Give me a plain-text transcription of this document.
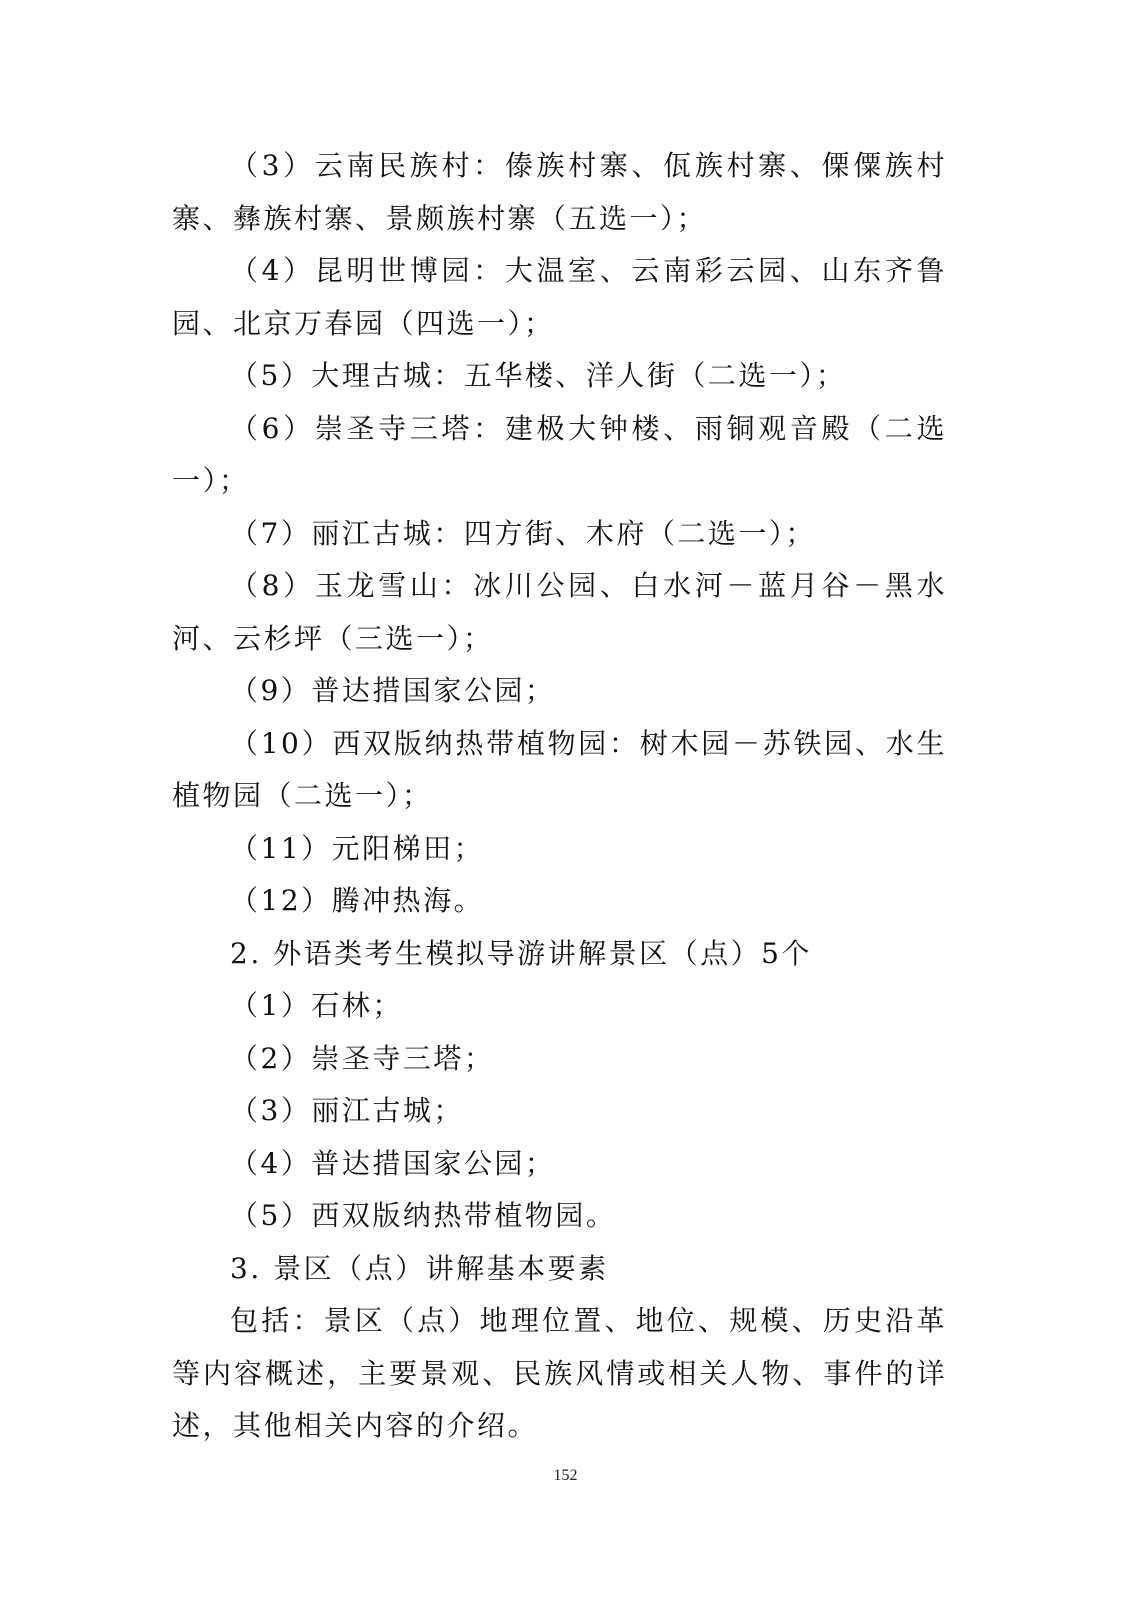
（3）云南民族村：傣族村寨、佤族村寨、傈僳族村寨、彝族村寨、景颇族村寨（五选一）；

（4）昆明世博园：大温室、云南彩云园、山东齐鲁园、北京万春园（四选一）；

（5）大理古城：五华楼、洋人街（二选一）；

（6）崇圣寺三塔：建极大钟楼、雨铜观音殿（二选一）；

（7）丽江古城：四方街、木府（二选一）；

（8）玉龙雪山：冰川公园、白水河－蓝月谷－黑水河、云杉坪（三选一）；

（9）普达措国家公园；

（10）西双版纳热带植物园：树木园－苏铁园、水生植物园（二选一）；

（11）元阳梯田；

（12）腾冲热海。

2. 外语类考生模拟导游讲解景区（点）5个

（1）石林；

（2）崇圣寺三塔；

（3）丽江古城；

（4）普达措国家公园；

（5）西双版纳热带植物园。

3. 景区（点）讲解基本要素

包括：景区（点）地理位置、地位、规模、历史沿革等内容概述，主要景观、民族风情或相关人物、事件的详述，其他相关内容的介绍。

152
